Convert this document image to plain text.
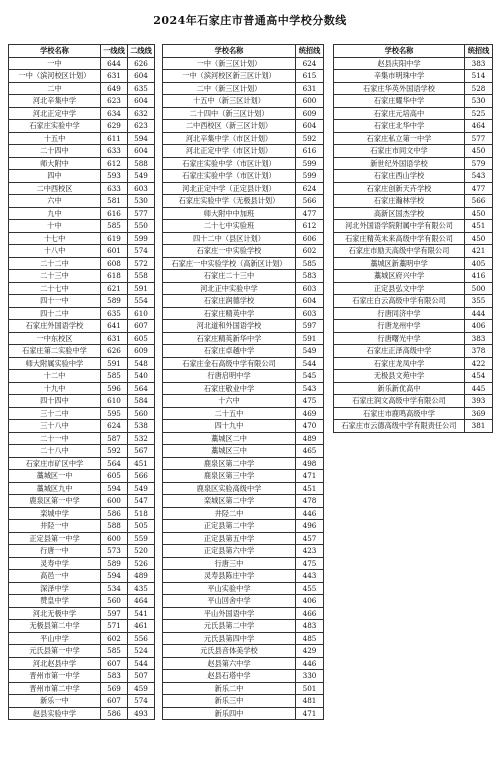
2024年石家庄市普通高中学校分数线
学校名称	一线线	二线线
一中	644	626
一中（滨河校区计划）	631	604
二中	649	635
河北辛集中学	623	604
河北正定中学	634	632
石家庄实验中学	629	623
十五中	611	594
二十四中	633	604
师大附中	612	588
四中	593	549
二中西校区	633	603
六中	581	530
九中	616	577
十中	585	550
十七中	619	599
十八中	601	574
二十二中	608	572
二十三中	618	558
二十七中	621	591
四十一中	589	554
四十二中	635	610
石家庄外国语学校	641	607
一中东校区	631	605
石家庄第二实验中学	626	609
师大附属实验中学	591	548
十二中	585	540
十九中	596	564
四十四中	610	584
三十二中	595	560
三十八中	624	538
二十一中	587	532
二十八中	592	567
石家庄市矿区中学	564	451
藁城区一中	605	566
藁城区九中	594	549
鹿泉区第一中学	600	547
栾城中学	586	518
井陉一中	588	505
正定县第一中学	600	559
行唐一中	573	520
灵寿中学	589	526
高邑一中	594	489
深泽中学	534	435
赞皇中学	560	464
河北无极中学	597	541
无极县第二中学	571	461
平山中学	602	556
元氏县第一中学	585	524
河北赵县中学	607	544
晋州市第一中学	583	507
晋州市第二中学	569	459
新乐一中	607	574
赵县实验中学	586	493
学校名称	统招线
一中（新三区计划）	624
一中（滨河校区新三区计划）	615
二中（新三区计划）	631
十五中（新三区计划）	600
二十四中（新三区计划）	609
二中西校区（新三区计划）	604
河北辛集中学（市区计划）	592
河北正定中学（市区计划）	616
石家庄实验中学（市区计划）	599
石家庄实验中学（市区计划）	599
河北正定中学（正定县计划）	624
石家庄实验中学（无极县计划）	566
师大附中中加班	477
二十七中实验班	612
四十二中（县区计划）	606
石家庄一中实验学校	602
石家庄一中实验学校（高新区计划）	585
石家庄二十三中	583
河北正中实验中学	603
石家庄润德学校	604
石家庄精英中学	603
河北道和外国语学校	597
石家庄精英新华中学	591
石家庄卓越中学	549
石家庄金石高级中学有限公司	544
行唐启明中学	545
石家庄敬业中学	543
十六中	475
二十五中	469
四十九中	470
藁城区二中	489
藁城区三中	465
鹿泉区第二中学	498
鹿泉区第三中学	471
鹿泉区实验高级中学	451
栾城区第二中学	478
井陉二中	446
正定县第二中学	496
正定县第五中学	457
正定县第六中学	423
行唐三中	475
灵寿县陈庄中学	443
平山实验中学	455
平山回舍中学	406
平山外国语中学	466
元氏县第二中学	483
元氏县第四中学	485
元氏县音体美学校	429
赵县第六中学	446
赵县石塔中学	330
新乐二中	501
新乐三中	481
新乐四中	471
学校名称	统招线
赵县庆阳中学	383
辛集市明珠中学	514
石家庄华英外国语学校	528
石家庄耀华中学	530
石家庄元培高中	525
石家庄北华中学	464
石家庄私立第一中学	577
石家庄市同文中学	450
新世纪外国语学校	579
石家庄西山学校	543
石家庄创新天卉学校	477
石家庄瀚林学校	566
高新区国杰学校	450
河北外国语学院附属中学有限公司	451
石家庄精英未来高级中学有限公司	450
石家庄市励天高级中学有限公司	421
藁城区新藁明中学	405
藁城区府兴中学	416
正定县弘文中学	500
石家庄白云高级中学有限公司	355
行唐同济中学	444
行唐龙州中学	406
行唐曙光中学	383
石家庄正泽高级中学	378
石家庄龙凤中学	422
无极县文苑中学	454
新乐新优高中	445
石家庄润文高级中学有限公司	393
石家庄市鹿鸣高级中学	369
石家庄市云德高级中学有限责任公司	381
